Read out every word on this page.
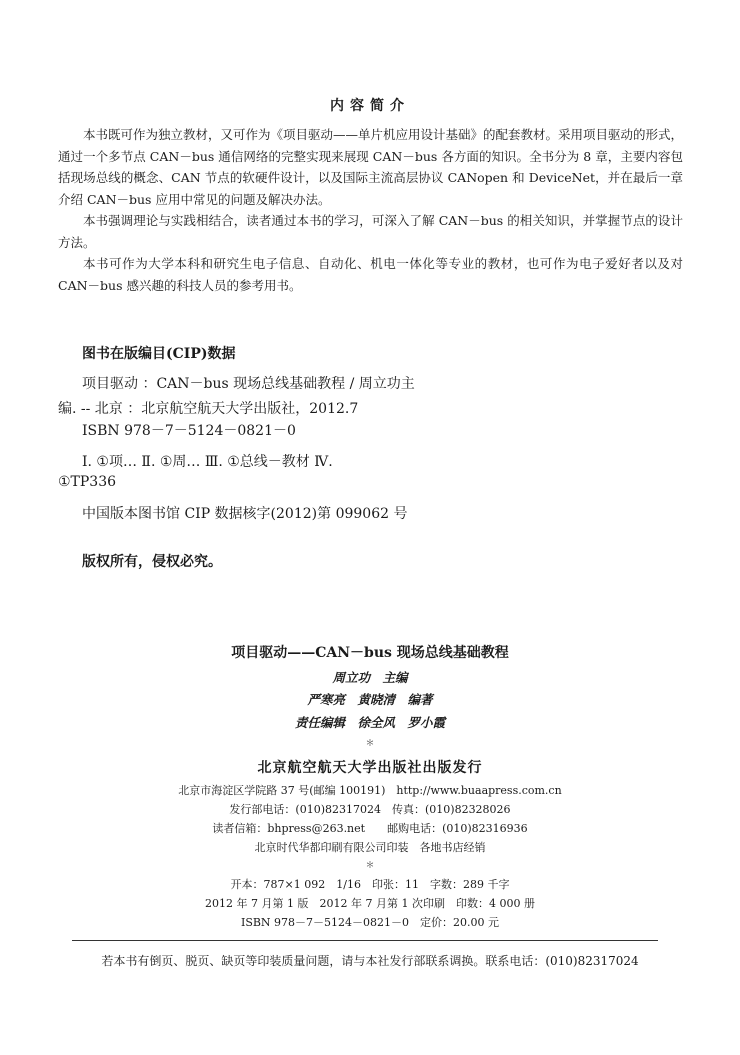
内容简介
本书既可作为独立教材，又可作为《项目驱动——单片机应用设计基础》的配套教材。采用项目驱动的形式，通过一个多节点 CAN－bus 通信网络的完整实现来展现 CAN－bus 各方面的知识。全书分为 8 章，主要内容包括现场总线的概念、CAN 节点的软硬件设计，以及国际主流高层协议 CANopen 和 DeviceNet，并在最后一章介绍 CAN－bus 应用中常见的问题及解决办法。
本书强调理论与实践相结合，读者通过本书的学习，可深入了解 CAN－bus 的相关知识，并掌握节点的设计方法。
本书可作为大学本科和研究生电子信息、自动化、机电一体化等专业的教材，也可作为电子爱好者以及对 CAN－bus 感兴趣的科技人员的参考用书。
图书在版编目(CIP)数据
项目驱动 ：CAN－bus 现场总线基础教程 / 周立功主
编. -- 北京 ：北京航空航天大学出版社，2012.7
ISBN 978－7－5124－0821－0
Ⅰ. ①项… Ⅱ. ①周… Ⅲ. ①总线－教材 Ⅳ.
①TP336
中国版本图书馆 CIP 数据核字(2012)第 099062 号
版权所有，侵权必究。
项目驱动——CAN－bus 现场总线基础教程
周立功　主编
严寒亮　黄晓清　编著
责任编辑　徐全风　罗小霞
＊
北京航空航天大学出版社出版发行
北京市海淀区学院路 37 号(邮编 100191)　http://www.buaapress.com.cn
发行部电话：(010)82317024　传真：(010)82328026
读者信箱：bhpress@263.net　　邮购电话：(010)82316936
北京时代华都印刷有限公司印装　各地书店经销
＊
开本：787×1 092　1/16　印张：11　字数：289 千字
2012 年 7 月第 1 版　2012 年 7 月第 1 次印刷　印数：4 000 册
ISBN 978－7－5124－0821－0　定价：20.00 元
若本书有倒页、脱页、缺页等印装质量问题，请与本社发行部联系调换。联系电话：(010)82317024
